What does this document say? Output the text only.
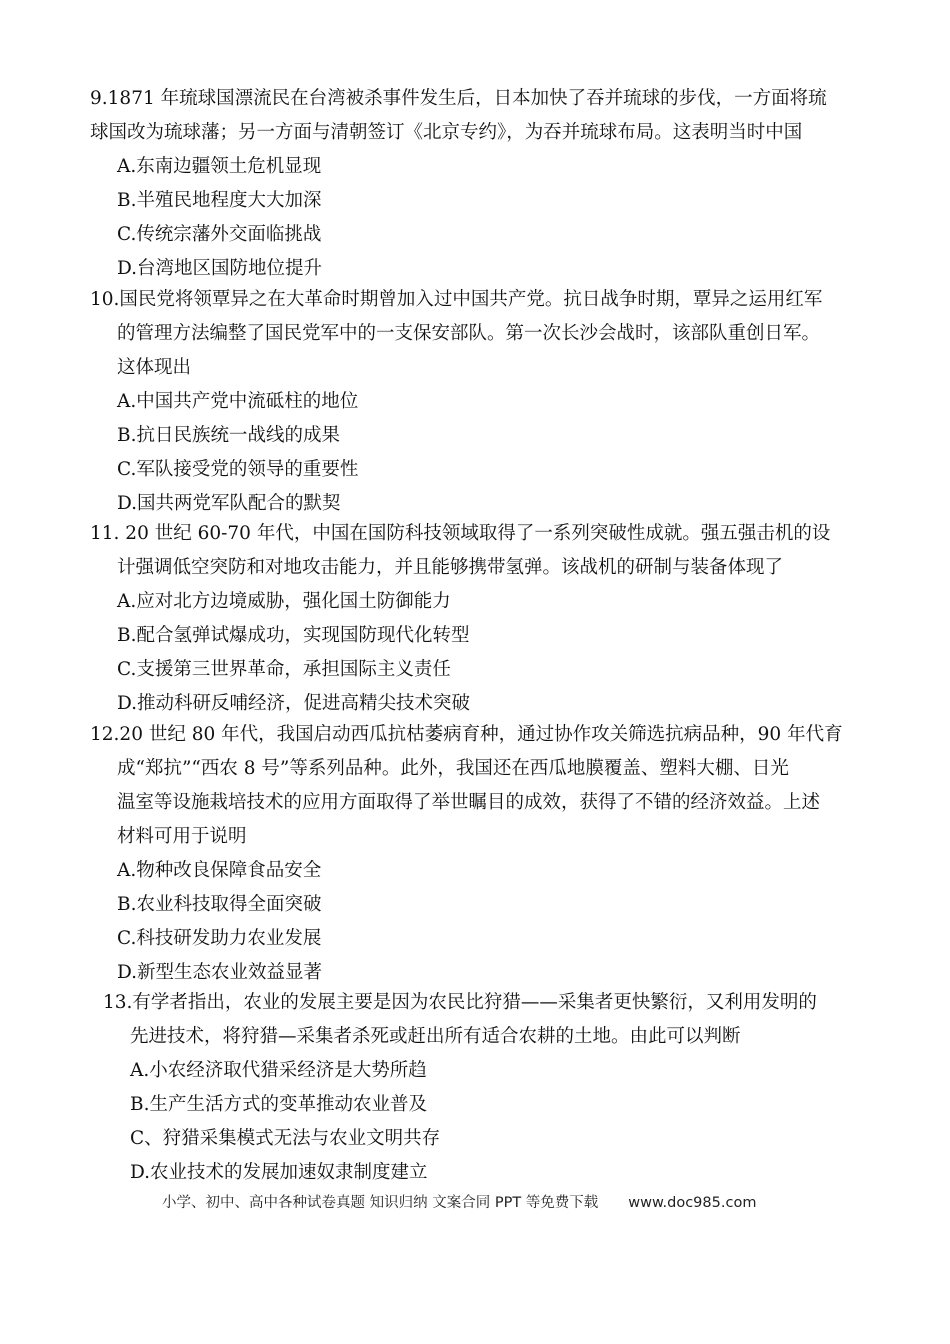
9.1871 年琉球国漂流民在台湾被杀事件发生后，日本加快了吞并琉球的步伐，一方面将琉
球国改为琉球藩；另一方面与清朝签订《北京专约》，为吞并琉球布局。这表明当时中国
A.东南边疆领土危机显现
B.半殖民地程度大大加深
C.传统宗藩外交面临挑战
D.台湾地区国防地位提升
10.国民党将领覃异之在大革命时期曾加入过中国共产党。抗日战争时期，覃异之运用红军
的管理方法编整了国民党军中的一支保安部队。第一次长沙会战时，该部队重创日军。
这体现出
A.中国共产党中流砥柱的地位
B.抗日民族统一战线的成果
C.军队接受党的领导的重要性
D.国共两党军队配合的默契
11. 20 世纪 60-70 年代，中国在国防科技领域取得了一系列突破性成就。强五强击机的设
计强调低空突防和对地攻击能力，并且能够携带氢弹。该战机的研制与装备体现了
A.应对北方边境威胁，强化国土防御能力
B.配合氢弹试爆成功，实现国防现代化转型
C.支援第三世界革命，承担国际主义责任
D.推动科研反哺经济，促进高精尖技术突破
12.20 世纪 80 年代，我国启动西瓜抗枯萎病育种，通过协作攻关筛选抗病品种，90 年代育
成“郑抗”“西农 8 号”等系列品种。此外，我国还在西瓜地膜覆盖、塑料大棚、日光
温室等设施栽培技术的应用方面取得了举世瞩目的成效，获得了不错的经济效益。上述
材料可用于说明
A.物种改良保障食品安全
B.农业科技取得全面突破
C.科技研发助力农业发展
D.新型生态农业效益显著
13.有学者指出，农业的发展主要是因为农民比狩猎——采集者更快繁衍，又利用发明的
先进技术，将狩猎—采集者杀死或赶出所有适合农耕的土地。由此可以判断
A.小农经济取代猎采经济是大势所趋
B.生产生活方式的变革推动农业普及
C、狩猎采集模式无法与农业文明共存
D.农业技术的发展加速奴隶制度建立
小学、初中、高中各种试卷真题 知识归纳 文案合同 PPT 等免费下载 www.doc985.com
